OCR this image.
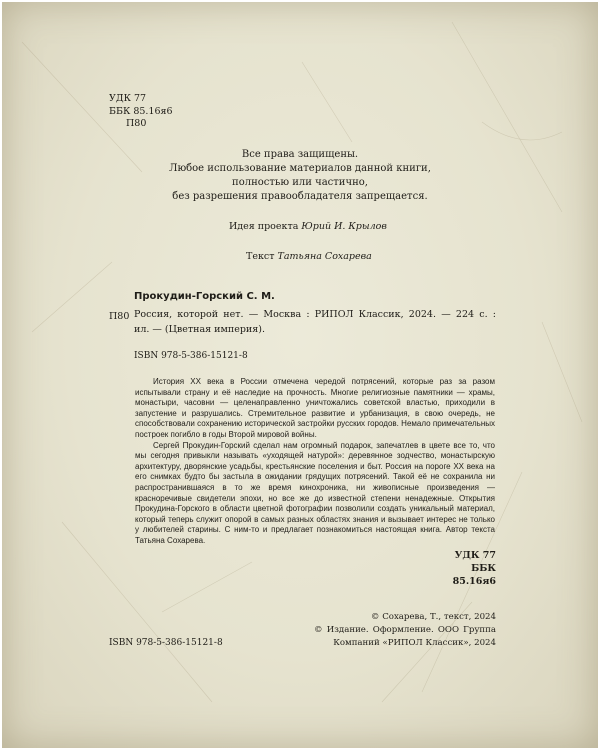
УДК 77
ББК 85.16я6
П80
Все права защищены.
Любое использование материалов данной книги,
полностью или частично,
без разрешения правообладателя запрещается.
Идея проекта Юрий И. Крылов
Текст Татьяна Сохарева
Прокудин-Горский С. М.
П80 Россия, которой нет. — Москва : РИПОЛ Классик, 2024. — 224 с. :
ил. — (Цветная империя).
ISBN 978-5-386-15121-8

История XX века в России отмечена чередой потрясений, которые раз за разом испытывали страну и её наследие на прочность. Многие религиозные памятники — храмы, монастыри, часовни — целенаправленно уничтожались советской властью, приходили в запустение и разрушались. Стремительное развитие и урбанизация, в свою очередь, не способствовали сохранению исторической застройки русских городов. Немало примечательных построек погибло в годы Второй мировой войны.

Сергей Прокудин-Горский сделал нам огромный подарок, запечатлев в цвете все то, что мы сегодня привыкли называть «уходящей натурой»: деревянное зодчество, монастырскую архитектуру, дворянские усадьбы, крестьянские поселения и быт. Россия на пороге XX века на его снимках будто бы застыла в ожидании грядущих потрясений. Такой её не сохранила ни распространившаяся в то же время кинохроника, ни живописные произведения — красноречивые свидетели эпохи, но все же до известной степени ненадежные. Открытия Прокудина-Горского в области цветной фотографии позволили создать уникальный материал, который теперь служит опорой в самых разных областях знания и вызывает интерес не только у любителей старины. С ним-то и предлагает познакомиться настоящая книга. Автор текста Татьяна Сохарева.

УДК 77
ББК 85.16я6
© Сохарева, Т., текст, 2024
© Издание. Оформление. ООО Группа
Компаний «РИПОЛ Классик», 2024
ISBN 978-5-386-15121-8
